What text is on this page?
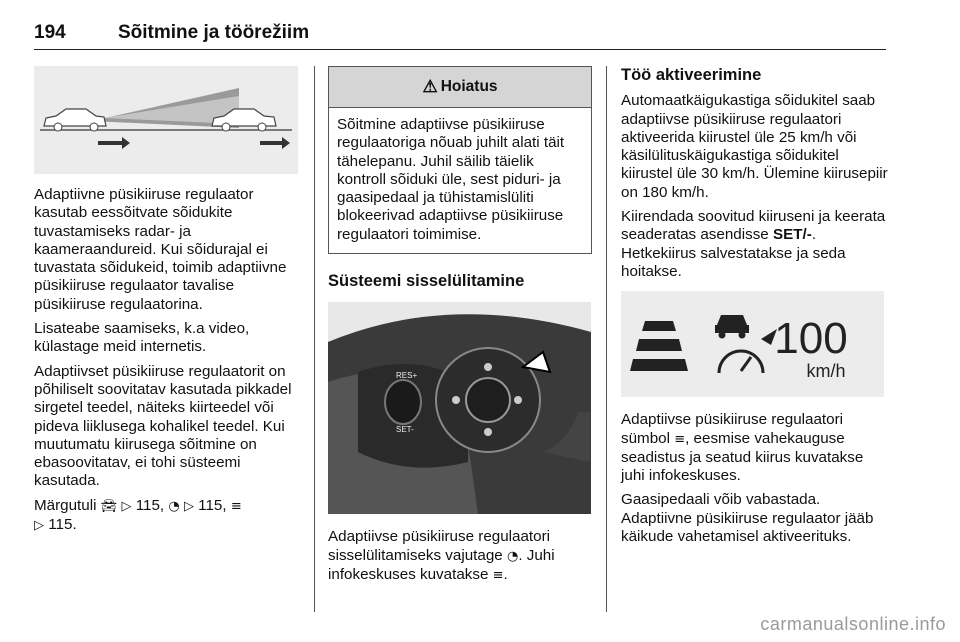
194	Sõitmine ja töörežiim

Adaptiivne püsikiiruse regulaator kasutab eessõitvate sõidukite tuvastamiseks radar- ja kaameraandureid. Kui sõidurajal ei tuvastata sõidukeid, toimib adaptiivne püsikiiruse regulaator tavalise püsikiiruse regulaatorina.

Lisateabe saamiseks, k.a video, külastage meid internetis.

Adaptiivset püsikiiruse regulaatorit on põhiliselt soovitatav kasutada pikkadel sirgetel teedel, näiteks kiirteedel või pideva liiklusega kohalikel teedel. Kui muutumatu kiirusega sõitmine on ebasoovitatav, ei tohi süsteemi kasutada.

Märgutuli 🚘︎ ▷ 115, ◔ ▷ 115, ≡
▷ 115.

⚠︎ Hoiatus
Sõitmine adaptiivse püsikiiruse regulaatoriga nõuab juhilt alati täit tähelepanu. Juhil säilib täielik kontroll sõiduki üle, sest piduri- ja gaasipedaal ja tühistamislüliti blokeerivad adaptiivse püsikiiruse regulaatori toimimise.
Süsteemi sisselülitamine
RES+
SET-

Adaptiivse püsikiiruse regulaatori sisselülitamiseks vajutage ◔. Juhi infokeskuses kuvatakse ≡.

Töö aktiveerimine

Automaatkäigukastiga sõidukitel saab adaptiivse püsikiiruse regulaatori aktiveerida kiirustel üle 25 km/h või käsilülituskäigukastiga sõidukitel kiirustel üle 30 km/h. Ülemine kiirusepiir on 180 km/h.

Kiirendada soovitud kiiruseni ja keerata seaderatas asendisse SET/-. Hetkekiirus salvestatakse ja seda hoitakse.

100
km/h

Adaptiivse püsikiiruse regulaatori sümbol ≡, eesmise vahekauguse seadistus ja seatud kiirus kuvatakse juhi infokeskuses.

Gaasipedaali võib vabastada. Adaptiivne püsikiiruse regulaator jääb käikude vahetamisel aktiveerituks.

carmanualsonline.info
